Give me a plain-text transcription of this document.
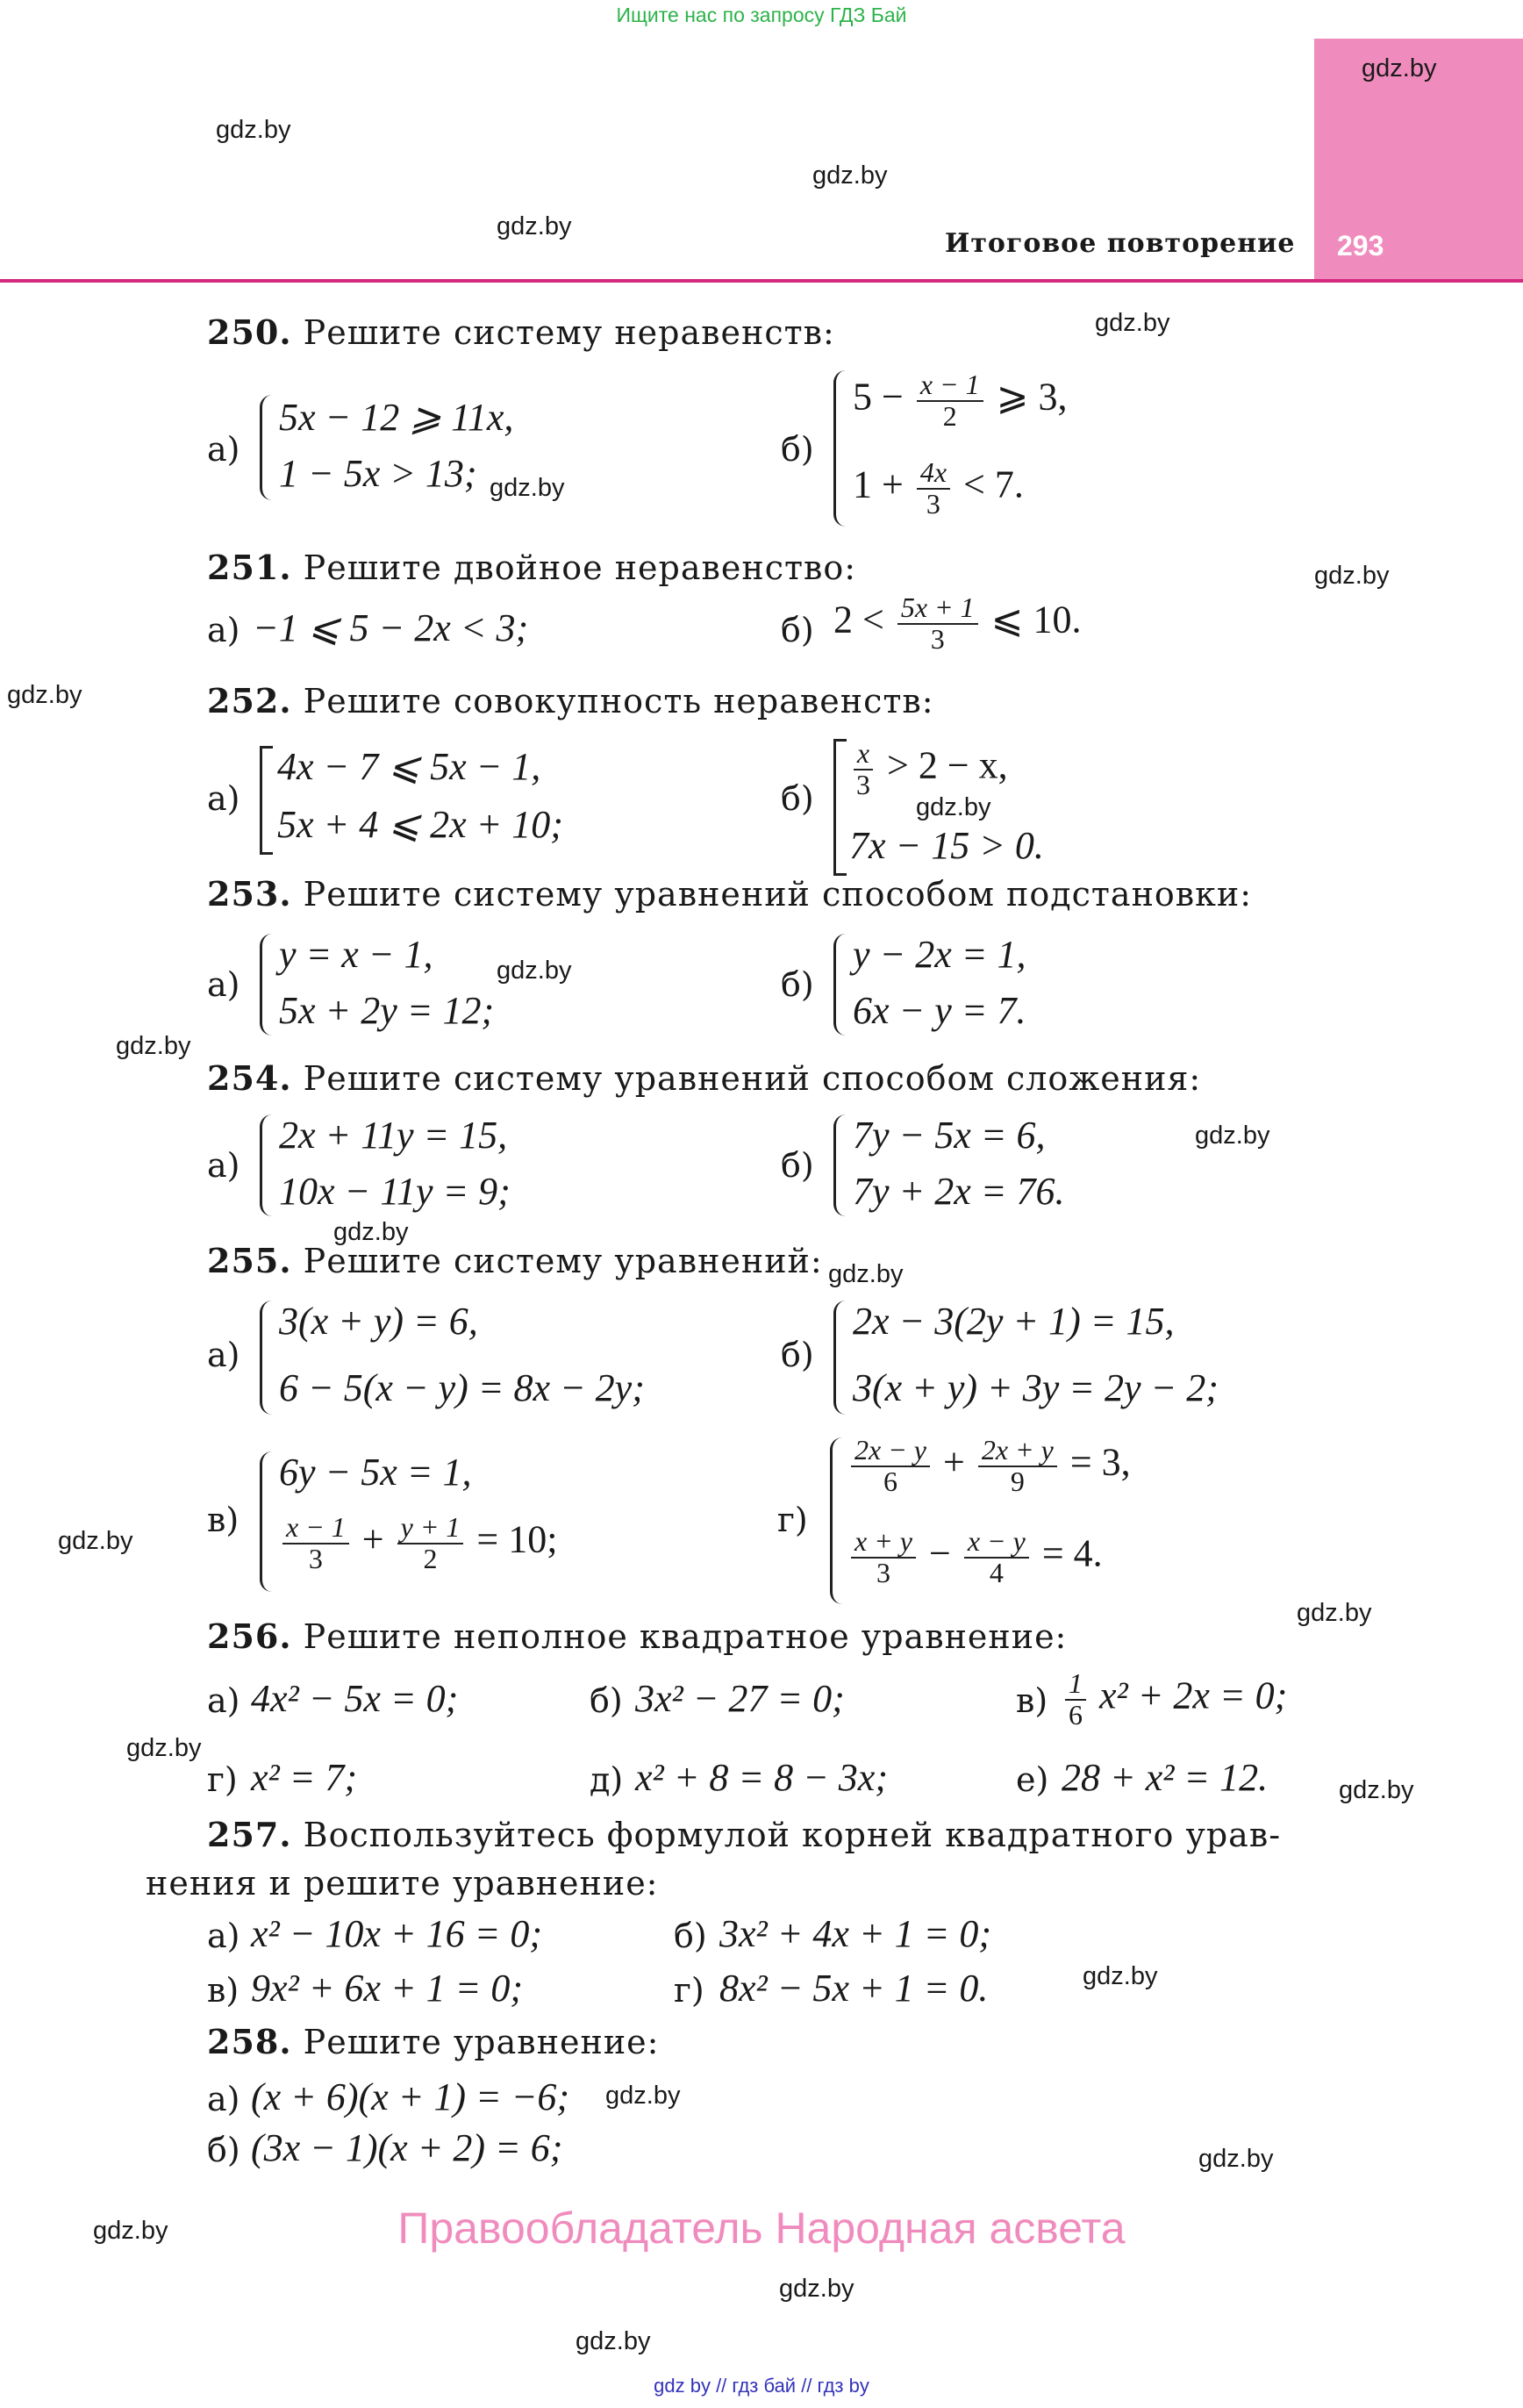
Ищите нас по запросу ГДЗ Бай
gdz.by
Итоговое повторение 293
gdz.by
gdz.by
gdz.by
gdz.by
gdz.by
gdz.by
gdz.by
gdz.by
gdz.by
gdz.by
gdz.by
gdz.by
gdz.by
gdz.by
gdz.by
gdz.by
gdz.by
gdz.by
gdz.by
gdz.by
gdz.by
gdz.by
gdz.by
250. Решите систему неравенств:
а)
5x − 12 ⩾ 11x,
1 − 5x > 13;
б)
$5 - \frac{x - 1}{2}$ ⩾ 3,
$1 + \frac{4x}{3} < 7$.
251. Решите двойное неравенство:
а) −1 ⩽ 5 − 2x < 3;	б) $2 < \frac{5x + 1}{3}$ ⩽ 10.
252. Решите совокупность неравенств:
а)
4x − 7 ⩽ 5x − 1,
5x + 4 ⩽ 2x + 10;
$б) \frac{x}{3} > 2 - x$,
7x − 15 > 0.
253. Решите систему уравнений способом подстановки:
а)
y = x − 1,
5x + 2y = 12;
б)
y − 2x = 1,
6x − y = 7.
254. Решите систему уравнений способом сложения:
а)
2x + 11y = 15,
10x − 11y = 9;
б)
7y − 5x = 6,
7y + 2x = 76.
255. Решите систему уравнений:
а)
3(x + y) = 6,
6 − 5(x − y) = 8x − 2y;
б)
2x − 3(2y + 1) = 15,
3(x + y) + 3y = 2y − 2;
в)
6y − 5x = 1,
$\frac{x - 1}{3} + \frac{y + 1}{2} = 10$;	г)
$\frac{2x - y}{6} + \frac{2x + y}{9} = 3$,
$\frac{x + y}{3} - \frac{x - y}{4} = 4$.
256. Решите неполное квадратное уравнение:
а) 4x² − 5x = 0;	б) 3x² − 27 = 0;	$в) \frac{1}{6} x^2 + 2x = 0$;
г) x² = 7;	д) x² + 8 = 8 − 3x;	е) 28 + x² = 12.
257. Воспользуйтесь формулой корней квадратного урав-
нения и решите уравнение:
а) x² − 10x + 16 = 0;	б) 3x² + 4x + 1 = 0;
в) 9x² + 6x + 1 = 0;	г) 8x² − 5x + 1 = 0.
258. Решите уравнение:
а) (x + 6)(x + 1) = −6;
б) (3x − 1)(x + 2) = 6;
Правообладатель Народная асвета
gdz by // гдз бай // гдз by
